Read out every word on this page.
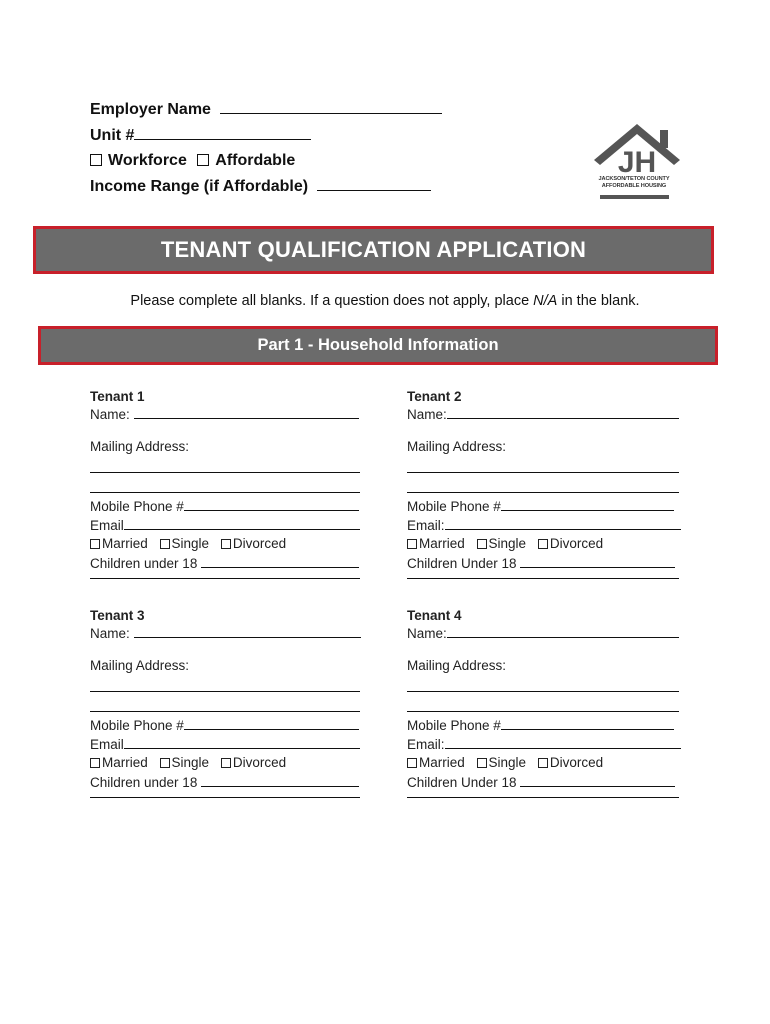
Employer Name
Unit #
Workforce Affordable
Income Range (if Affordable)
JH
JACKSON/TETON COUNTY
AFFORDABLE HOUSING
TENANT QUALIFICATION APPLICATION
Please complete all blanks. If a question does not apply, place N/A in the blank.
Part 1 - Household Information
Tenant 1
Name:
Mailing Address:
Mobile Phone #
Email
Married Single Divorced
Children under 18
Tenant 2
Name:
Mailing Address:
Mobile Phone #
Email:
Married Single Divorced
Children Under 18
Tenant 3
Name:
Mailing Address:
Mobile Phone #
Email
Married Single Divorced
Children under 18
Tenant 4
Name:
Mailing Address:
Mobile Phone #
Email:
Married Single Divorced
Children Under 18
